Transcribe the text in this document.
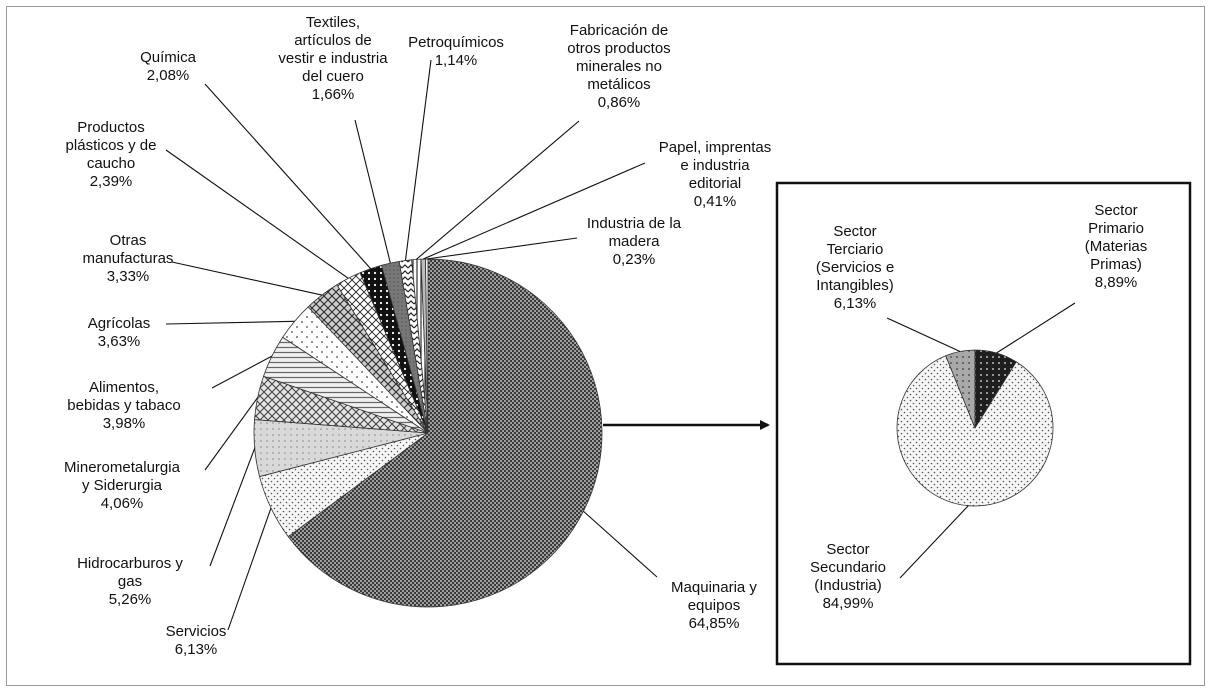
Maquinaria y equipos 64,85%
Servicios 6,13%
Hidrocarburos y gas 5,26%
Minerometalurgia y Siderurgia 4,06%
Alimentos, bebidas y tabaco 3,98%
Agrícolas 3,63%
Otras manufacturas 3,33%
Productos plásticos y de caucho 2,39%
Química 2,08%
Textiles, artículos de vestir e industria del cuero 1,66%
Petroquímicos 1,14%
Fabricación de otros productos minerales no metálicos 0,86%
Papel, imprentas e industria editorial 0,41%
Industria de la madera 0,23%
Sector Primario (Materias Primas) 8,89%
Sector Secundario (Industria) 84,99%
Sector Terciario (Servicios e Intangibles) 6,13%
